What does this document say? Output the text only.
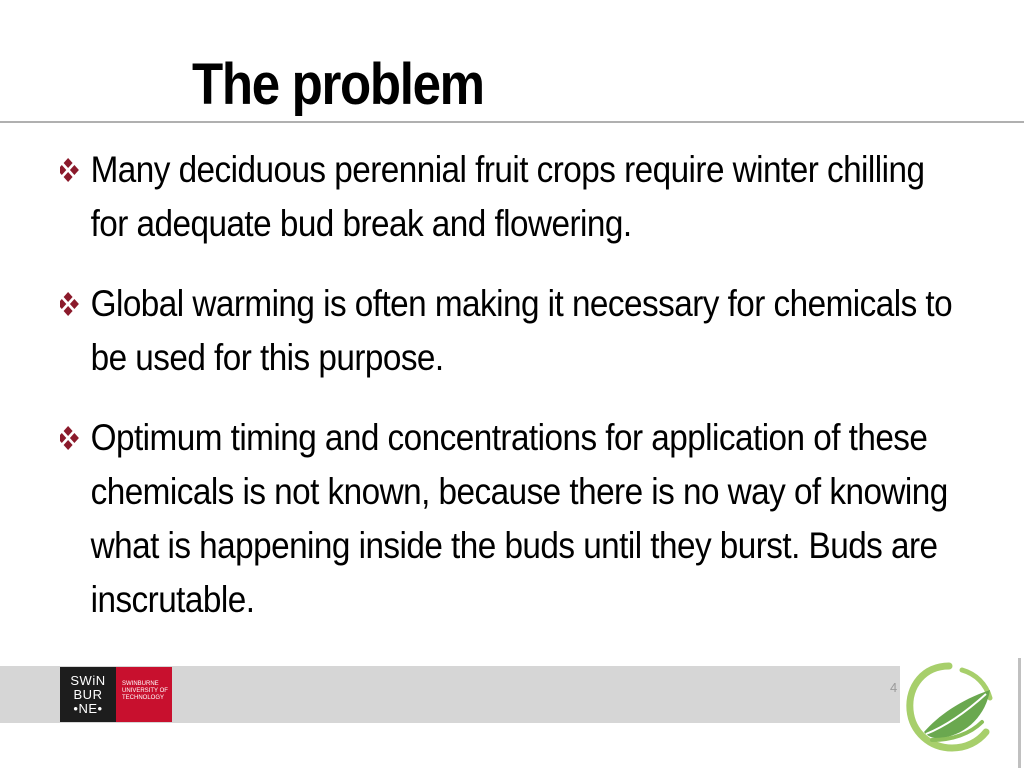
The problem
Many deciduous perennial fruit crops require winter chilling for adequate bud break and flowering.
Global warming is often making it necessary for chemicals to be used for this purpose.
Optimum timing and concentrations for application of these chemicals is not known, because there is no way of knowing what is happening inside the buds until they burst. Buds are inscrutable.
4
SWiN
BUR
•NE•
SWINBURNE
UNIVERSITY OF
TECHNOLOGY
